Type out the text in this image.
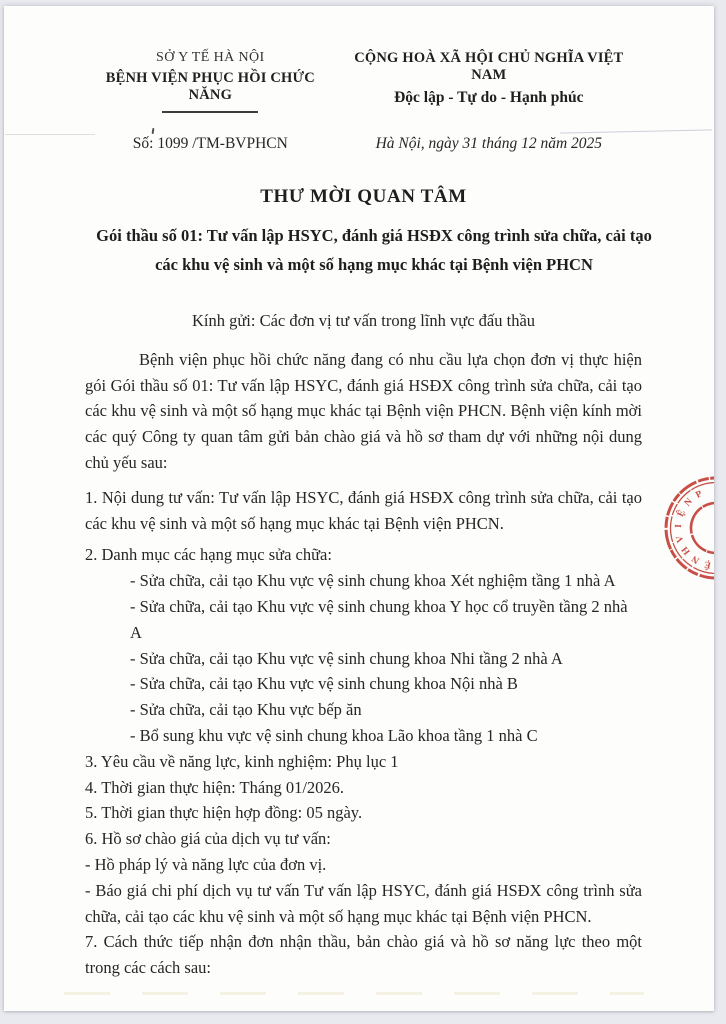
SỞ Y TẾ HÀ NỘI
BỆNH VIỆN PHỤC HỒI CHỨC NĂNG
CỘNG HOÀ XÃ HỘI CHỦ NGHĨA VIỆT NAM
Độc lập - Tự do - Hạnh phúc
Số: 1099 /TM-BVPHCN	Hà Nội, ngày 31 tháng 12 năm 2025
THƯ MỜI QUAN TÂM
Gói thầu số 01: Tư vấn lập HSYC, đánh giá HSĐX công trình sửa chữa, cải tạo các khu vệ sinh và một số hạng mục khác tại Bệnh viện PHCN
Kính gửi: Các đơn vị tư vấn trong lĩnh vực đấu thầu

Bệnh viện phục hồi chức năng đang có nhu cầu lựa chọn đơn vị thực hiện gói Gói thầu số 01: Tư vấn lập HSYC, đánh giá HSĐX công trình sửa chữa, cải tạo các khu vệ sinh và một số hạng mục khác tại Bệnh viện PHCN. Bệnh viện kính mời các quý Công ty quan tâm gửi bản chào giá và hồ sơ tham dự với những nội dung chủ yếu sau:

1. Nội dung tư vấn: Tư vấn lập HSYC, đánh giá HSĐX công trình sửa chữa, cải tạo các khu vệ sinh và một số hạng mục khác tại Bệnh viện PHCN.
2. Danh mục các hạng mục sửa chữa:
- Sửa chữa, cải tạo Khu vực vệ sinh chung khoa Xét nghiệm tầng 1 nhà A
- Sửa chữa, cải tạo Khu vực vệ sinh chung khoa Y học cổ truyền tầng 2 nhà A
- Sửa chữa, cải tạo Khu vực vệ sinh chung khoa Nhi tầng 2 nhà A
- Sửa chữa, cải tạo Khu vực vệ sinh chung khoa Nội nhà B
- Sửa chữa, cải tạo Khu vực bếp ăn
- Bổ sung khu vực vệ sinh chung khoa Lão khoa tầng 1 nhà C
3. Yêu cầu về năng lực, kinh nghiệm: Phụ lục 1
4. Thời gian thực hiện: Tháng 01/2026.
5. Thời gian thực hiện hợp đồng: 05 ngày.
6. Hồ sơ chào giá của dịch vụ tư vấn:
- Hồ pháp lý và năng lực của đơn vị.
- Báo giá chi phí dịch vụ tư vấn Tư vấn lập HSYC, đánh giá HSĐX công trình sửa chữa, cải tạo các khu vệ sinh và một số hạng mục khác tại Bệnh viện PHCN.
7. Cách thức tiếp nhận đơn nhận thầu, bản chào giá và hồ sơ năng lực theo một trong các cách sau:
B
Ệ
N
H
V
I
Ệ
N
P
